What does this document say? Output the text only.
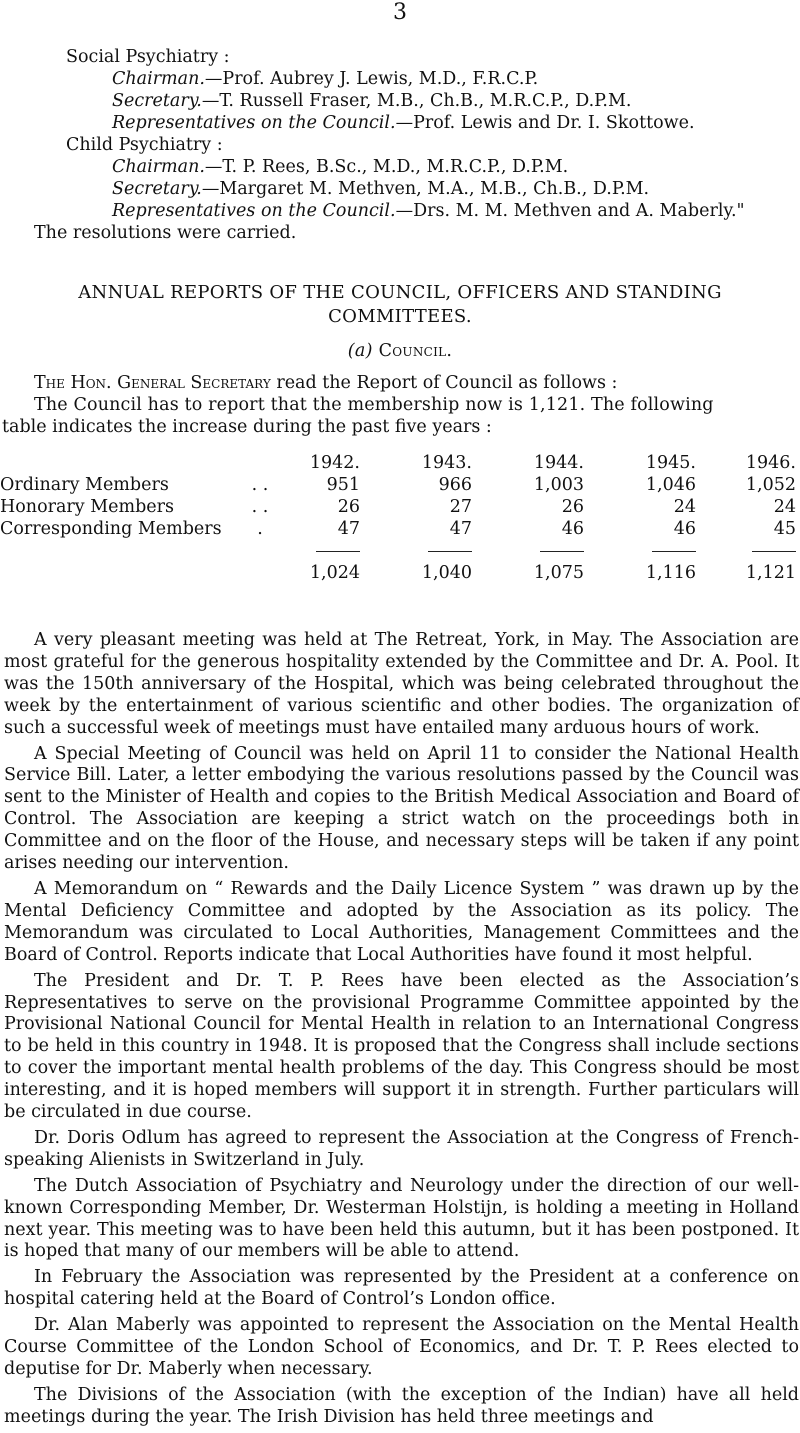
3
Social Psychiatry :
Chairman.—Prof. Aubrey J. Lewis, M.D., F.R.C.P.
Secretary.—T. Russell Fraser, M.B., Ch.B., M.R.C.P., D.P.M.
Representatives on the Council.—Prof. Lewis and Dr. I. Skottowe.
Child Psychiatry :
Chairman.—T. P. Rees, B.Sc., M.D., M.R.C.P., D.P.M.
Secretary.—Margaret M. Methven, M.A., M.B., Ch.B., D.P.M.
Representatives on the Council.—Drs. M. M. Methven and A. Maberly."
The resolutions were carried.
ANNUAL REPORTS OF THE COUNCIL, OFFICERS AND STANDING
COMMITTEES.
(a) Council.
The Hon. General Secretary read the Report of Council as follows :
The Council has to report that the membership now is 1,121. The following
table indicates the increase during the past five years :
		1942.	1943.	1944.	1945.	1946.
Ordinary Members	. .	951	966	1,003	1,046	1,052
Honorary Members	. .	26	27	26	24	24
Corresponding Members	.	47	47	46	46	45

		1,024	1,040	1,075	1,116	1,121

A very pleasant meeting was held at The Retreat, York, in May. The Association are most grateful for the generous hospitality extended by the Committee and Dr. A. Pool. It was the 150th anniversary of the Hospital, which was being celebrated throughout the week by the entertainment of various scientific and other bodies. The organization of such a successful week of meetings must have entailed many arduous hours of work.

A Special Meeting of Council was held on April 11 to consider the National Health Service Bill. Later, a letter embodying the various resolutions passed by the Council was sent to the Minister of Health and copies to the British Medical Association and Board of Control. The Association are keeping a strict watch on the proceedings both in Committee and on the floor of the House, and necessary steps will be taken if any point arises needing our intervention.

A Memorandum on “ Rewards and the Daily Licence System ” was drawn up by the Mental Deficiency Committee and adopted by the Association as its policy. The Memorandum was circulated to Local Authorities, Management Committees and the Board of Control. Reports indicate that Local Authorities have found it most helpful.

The President and Dr. T. P. Rees have been elected as the Association’s Representatives to serve on the provisional Programme Committee appointed by the Provisional National Council for Mental Health in relation to an International Congress to be held in this country in 1948. It is proposed that the Congress shall include sections to cover the important mental health problems of the day. This Congress should be most interesting, and it is hoped members will support it in strength. Further particulars will be circulated in due course.

Dr. Doris Odlum has agreed to represent the Association at the Congress of French-speaking Alienists in Switzerland in July.

The Dutch Association of Psychiatry and Neurology under the direction of our well-known Corresponding Member, Dr. Westerman Holstijn, is holding a meeting in Holland next year. This meeting was to have been held this autumn, but it has been postponed. It is hoped that many of our members will be able to attend.

In February the Association was represented by the President at a conference on hospital catering held at the Board of Control’s London office.

Dr. Alan Maberly was appointed to represent the Association on the Mental Health Course Committee of the London School of Economics, and Dr. T. P. Rees elected to deputise for Dr. Maberly when necessary.

The Divisions of the Association (with the exception of the Indian) have all held meetings during the year. The Irish Division has held three meetings and
